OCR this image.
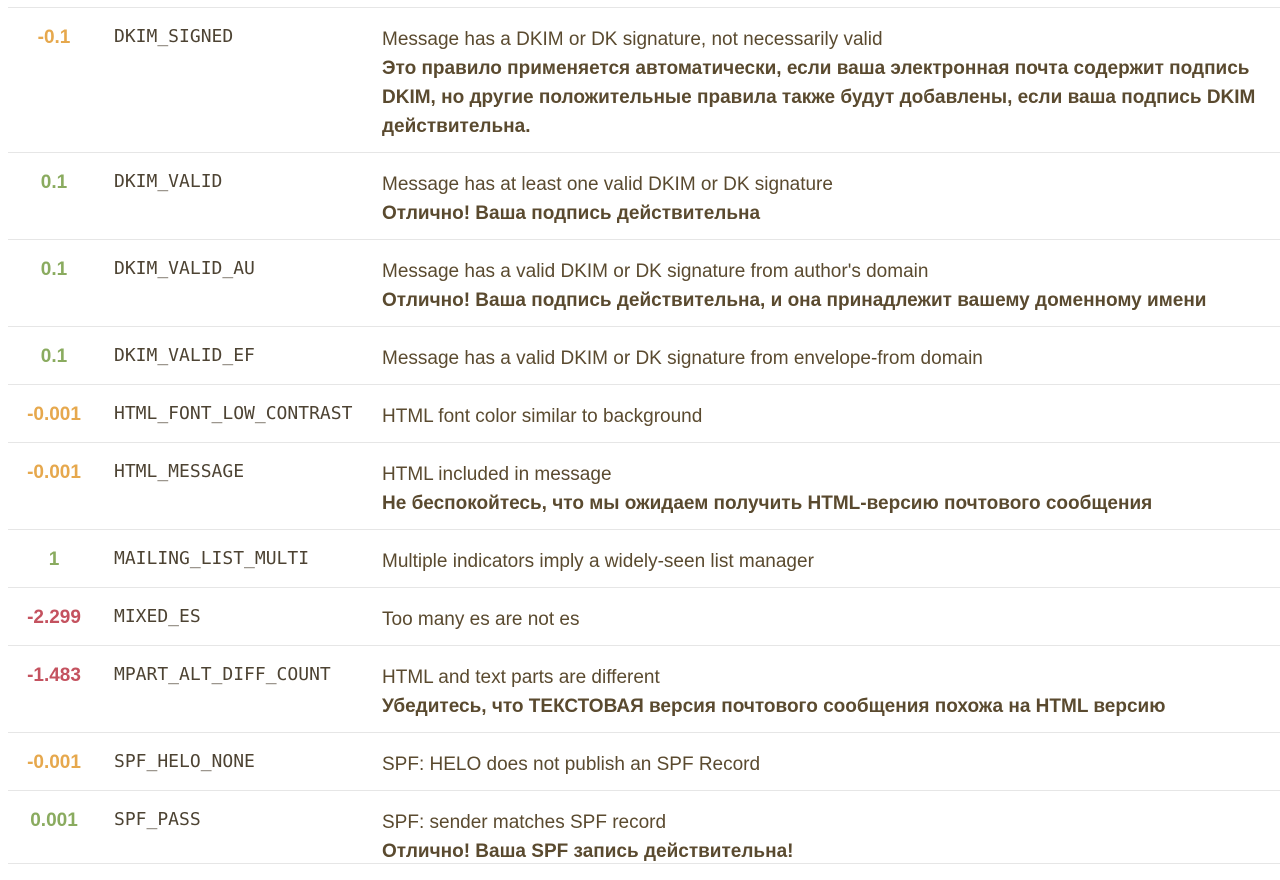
-0.1	DKIM_SIGNED	Message has a DKIM or DK signature, not necessarily valid
Это правило применяется автоматически, если ваша электронная почта содержит подпись DKIM, но другие положительные правила также будут добавлены, если ваша подпись DKIM действительна.
0.1	DKIM_VALID	Message has at least one valid DKIM or DK signature
Отлично! Ваша подпись действительна
0.1	DKIM_VALID_AU	Message has a valid DKIM or DK signature from author's domain
Отлично! Ваша подпись действительна, и она принадлежит вашему доменному имени
0.1	DKIM_VALID_EF	Message has a valid DKIM or DK signature from envelope-from domain
-0.001	HTML_FONT_LOW_CONTRAST	HTML font color similar to background
-0.001	HTML_MESSAGE	HTML included in message
Не беспокойтесь, что мы ожидаем получить HTML-версию почтового сообщения
1	MAILING_LIST_MULTI	Multiple indicators imply a widely-seen list manager
-2.299	MIXED_ES	Too many es are not es
-1.483	MPART_ALT_DIFF_COUNT	HTML and text parts are different
Убедитесь, что ТЕКСТОВАЯ версия почтового сообщения похожа на HTML версию
-0.001	SPF_HELO_NONE	SPF: HELO does not publish an SPF Record
0.001	SPF_PASS	SPF: sender matches SPF record
Отлично! Ваша SPF запись действительна!
